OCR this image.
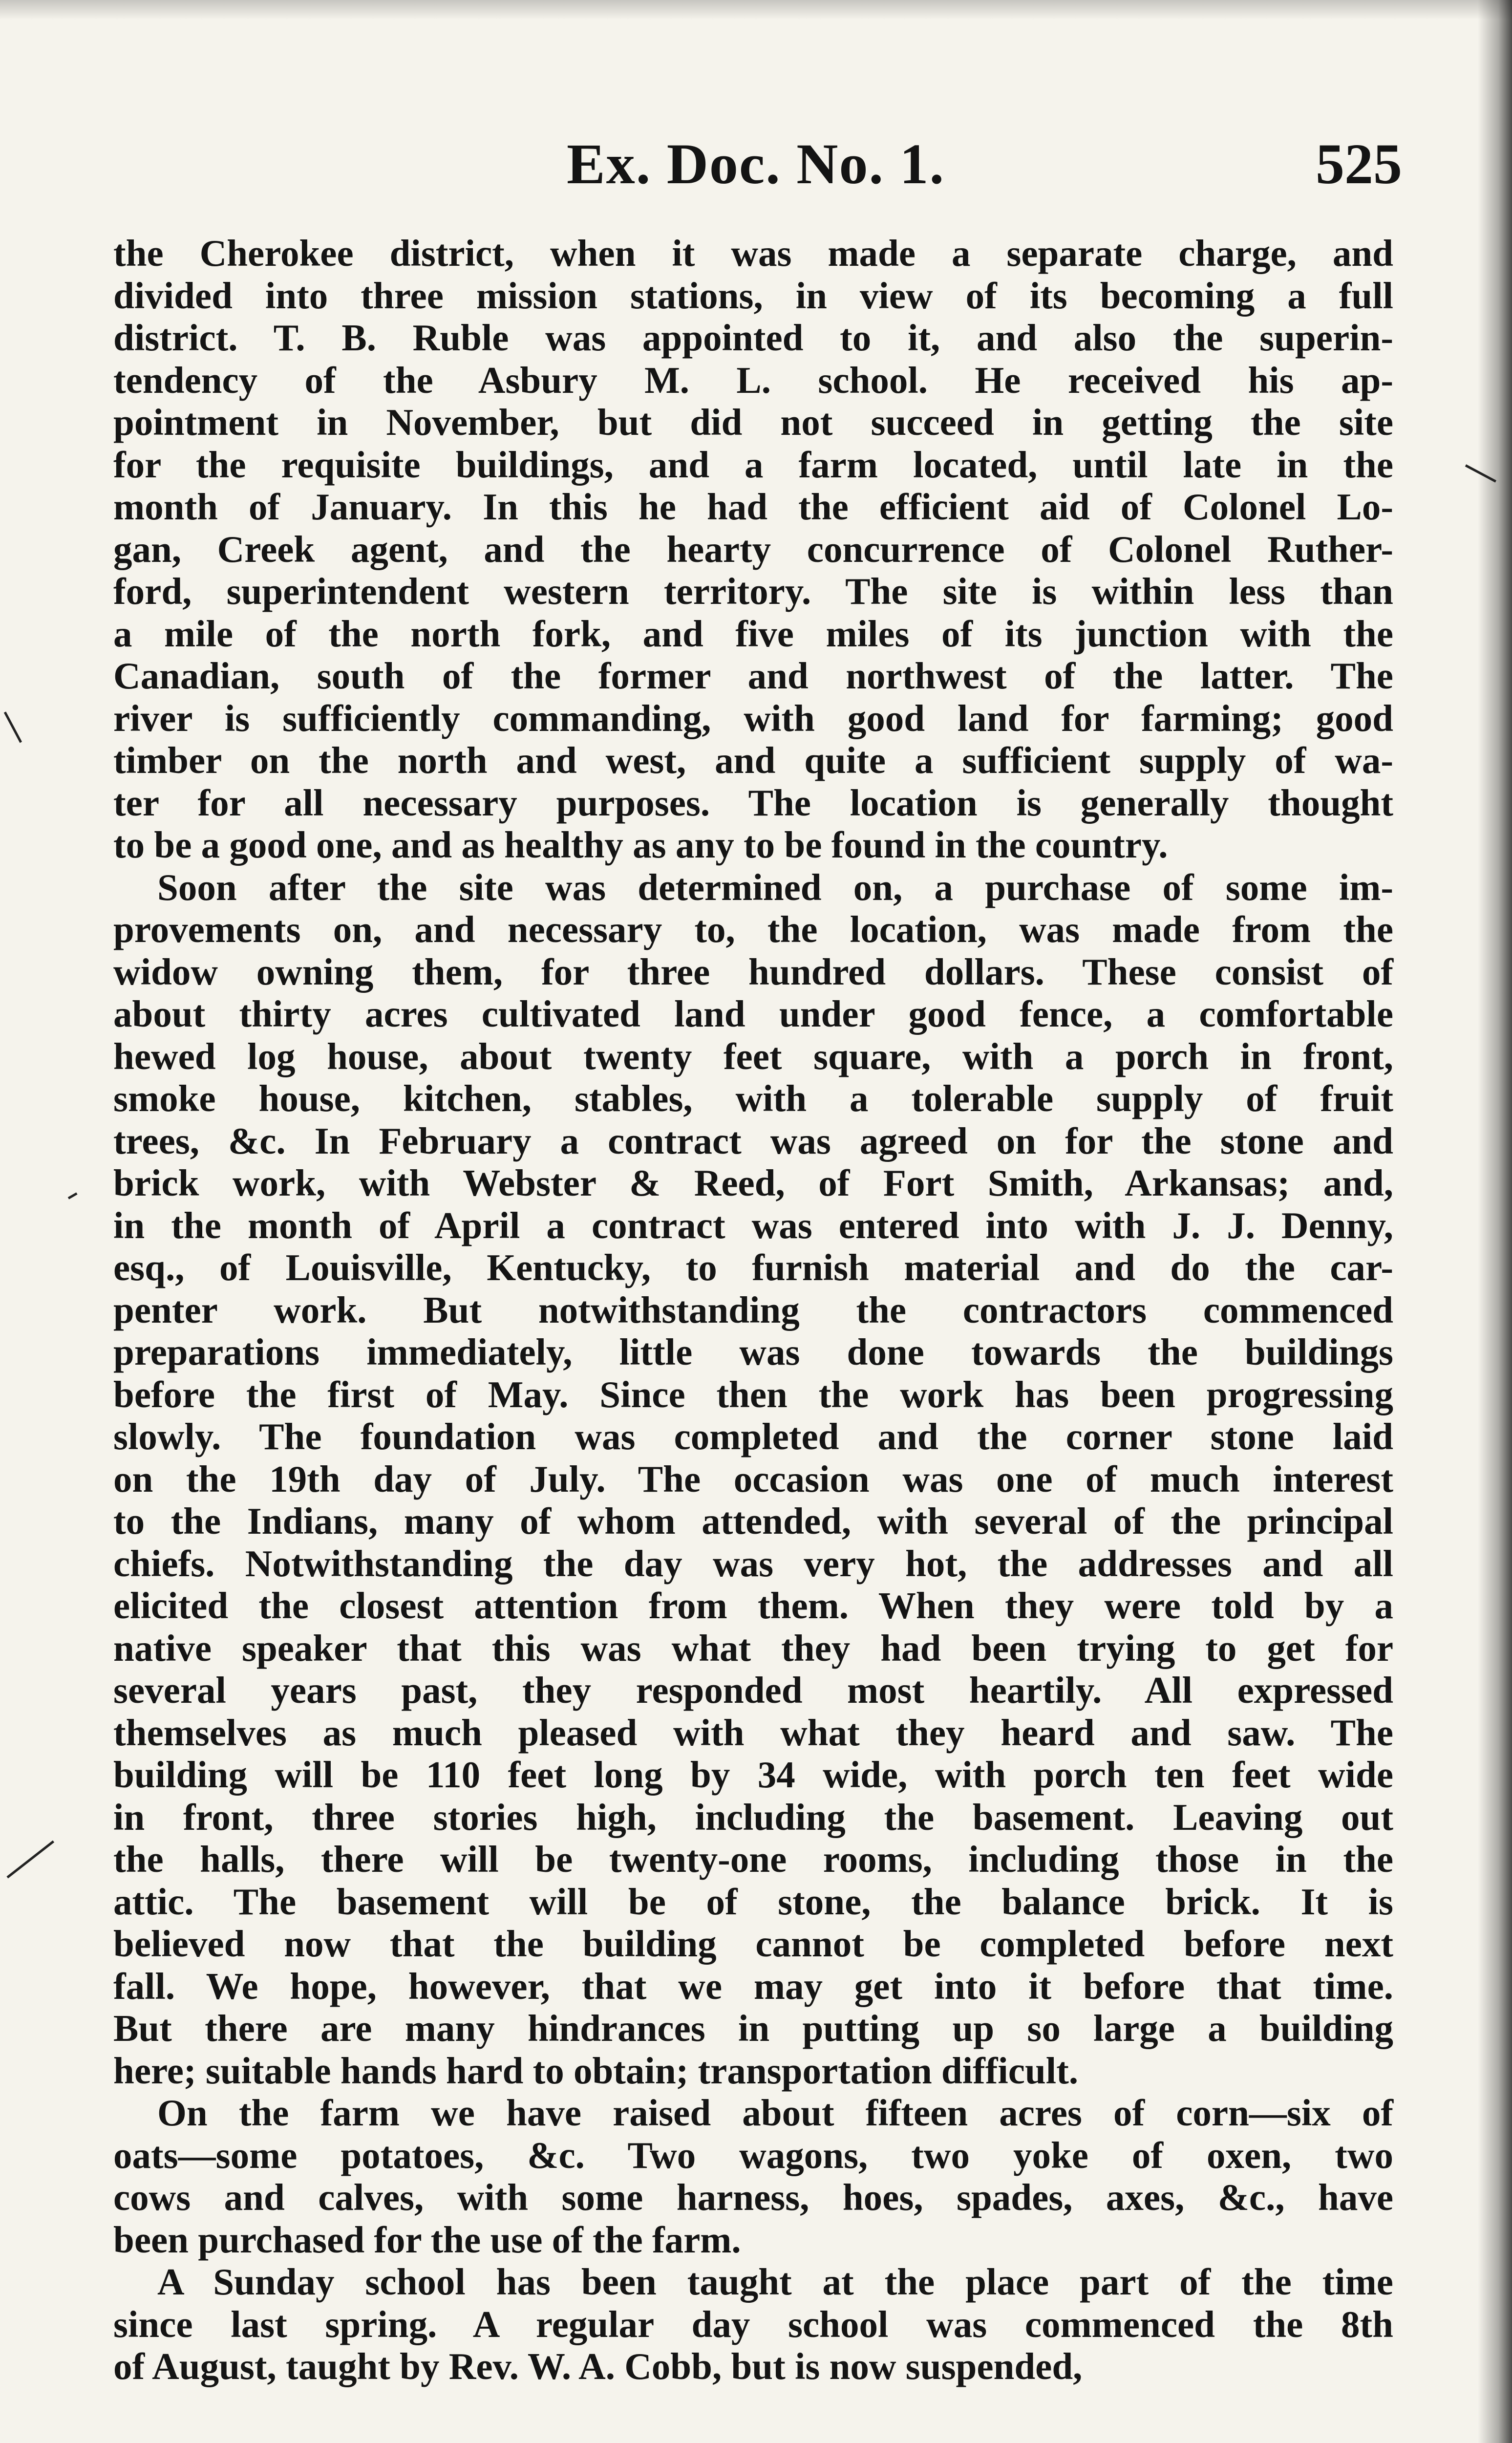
Ex. Doc. No. 1.	525
the Cherokee district, when it was made a separate charge, and
divided into three mission stations, in view of its becoming a full
district. T. B. Ruble was appointed to it, and also the superin-
tendency of the Asbury M. L. school. He received his ap-
pointment in November, but did not succeed in getting the site
for the requisite buildings, and a farm located, until late in the
month of January. In this he had the efficient aid of Colonel Lo-
gan, Creek agent, and the hearty concurrence of Colonel Ruther-
ford, superintendent western territory. The site is within less than
a mile of the north fork, and five miles of its junction with the
Canadian, south of the former and northwest of the latter. The
river is sufficiently commanding, with good land for farming; good
timber on the north and west, and quite a sufficient supply of wa-
ter for all necessary purposes. The location is generally thought
to be a good one, and as healthy as any to be found in the country.
Soon after the site was determined on, a purchase of some im-
provements on, and necessary to, the location, was made from the
widow owning them, for three hundred dollars. These consist of
about thirty acres cultivated land under good fence, a comfortable
hewed log house, about twenty feet square, with a porch in front,
smoke house, kitchen, stables, with a tolerable supply of fruit
trees, &c. In February a contract was agreed on for the stone and
brick work, with Webster & Reed, of Fort Smith, Arkansas; and,
in the month of April a contract was entered into with J. J. Denny,
esq., of Louisville, Kentucky, to furnish material and do the car-
penter work. But notwithstanding the contractors commenced
preparations immediately, little was done towards the buildings
before the first of May. Since then the work has been progressing
slowly. The foundation was completed and the corner stone laid
on the 19th day of July. The occasion was one of much interest
to the Indians, many of whom attended, with several of the principal
chiefs. Notwithstanding the day was very hot, the addresses and all
elicited the closest attention from them. When they were told by a
native speaker that this was what they had been trying to get for
several years past, they responded most heartily. All expressed
themselves as much pleased with what they heard and saw. The
building will be 110 feet long by 34 wide, with porch ten feet wide
in front, three stories high, including the basement. Leaving out
the halls, there will be twenty-one rooms, including those in the
attic. The basement will be of stone, the balance brick. It is
believed now that the building cannot be completed before next
fall. We hope, however, that we may get into it before that time.
But there are many hindrances in putting up so large a building
here; suitable hands hard to obtain; transportation difficult.
On the farm we have raised about fifteen acres of corn—six of
oats—some potatoes, &c. Two wagons, two yoke of oxen, two
cows and calves, with some harness, hoes, spades, axes, &c., have
been purchased for the use of the farm.
A Sunday school has been taught at the place part of the time
since last spring. A regular day school was commenced the 8th
of August, taught by Rev. W. A. Cobb, but is now suspended,
